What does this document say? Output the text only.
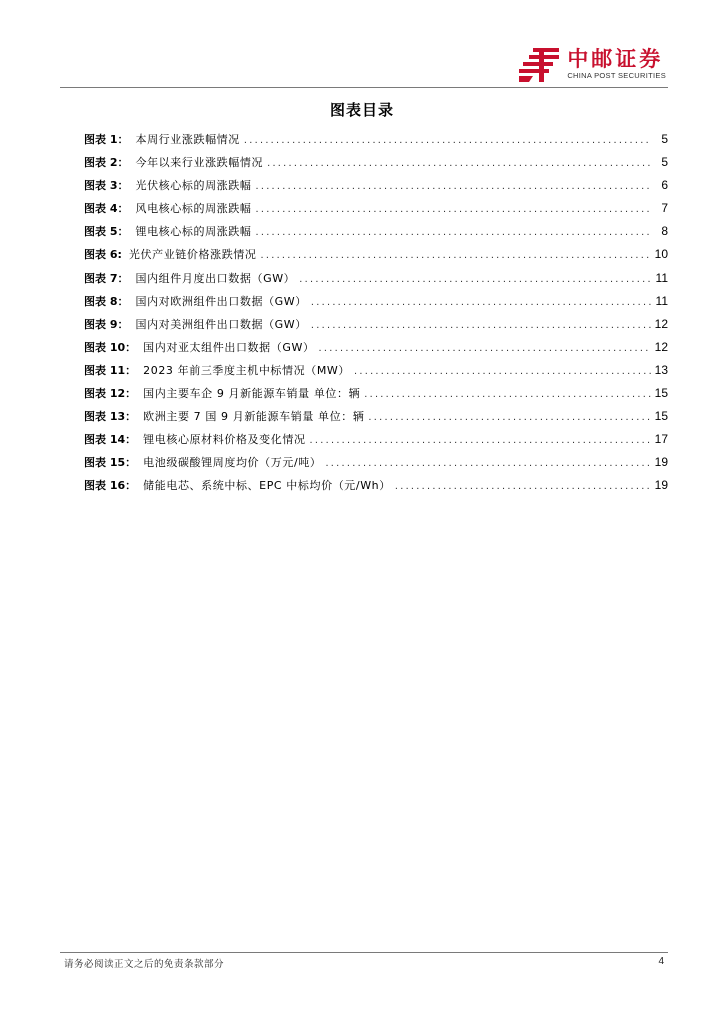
中邮证券
CHINA POST SECURITIES
图表目录
图表 1： 本周行业涨跌幅情况 .....	5
图表 2： 今年以来行业涨跌幅情况 .....	5
图表 3： 光伏核心标的周涨跌幅 .....	6
图表 4： 风电核心标的周涨跌幅 .....	7
图表 5： 锂电核心标的周涨跌幅 .....	8
图表 6: 光伏产业链价格涨跌情况 .....	10
图表 7： 国内组件月度出口数据（GW） .....	11
图表 8： 国内对欧洲组件出口数据（GW） .....	11
图表 9： 国内对美洲组件出口数据（GW） .....	12
图表 10： 国内对亚太组件出口数据（GW） .....	12
图表 11： 2023 年前三季度主机中标情况（MW） .....	13
图表 12： 国内主要车企 9 月新能源车销量 单位：辆 .....	15
图表 13： 欧洲主要 7 国 9 月新能源车销量 单位：辆 .....	15
图表 14： 锂电核心原材料价格及变化情况 .....	17
图表 15： 电池级碳酸锂周度均价（万元/吨） .....	19
图表 16： 储能电芯、系统中标、EPC 中标均价（元/Wh） .....	19
请务必阅读正文之后的免责条款部分	4
